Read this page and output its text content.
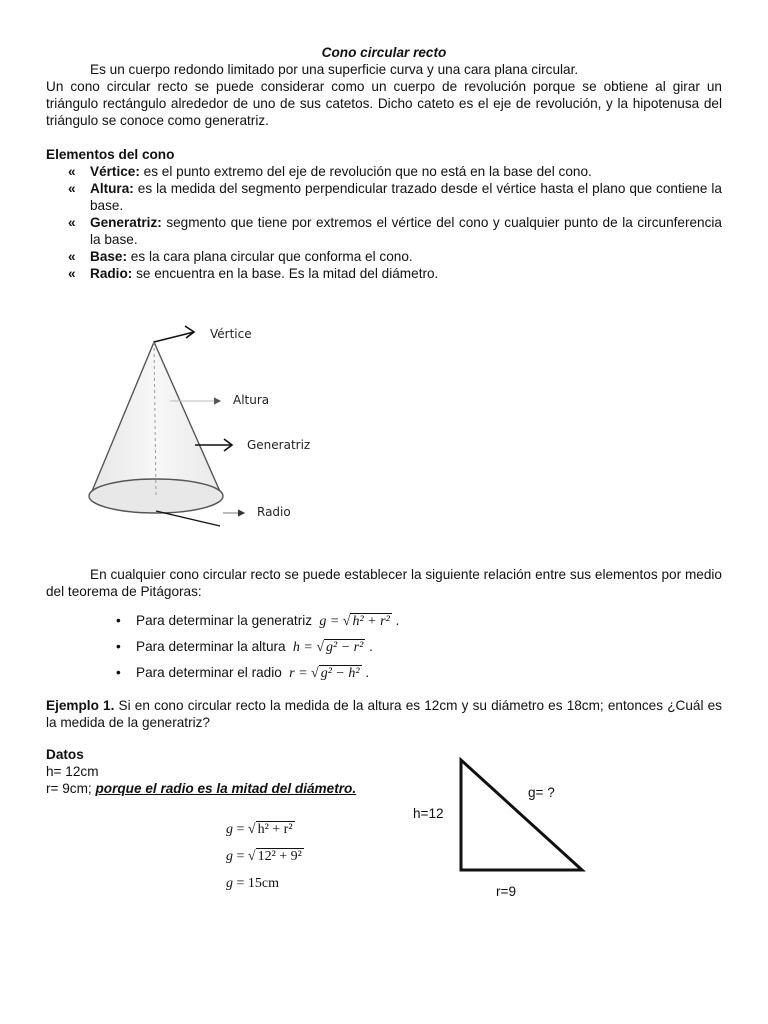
Cono circular recto

Es un cuerpo redondo limitado por una superficie curva y una cara plana circular.

Un cono circular recto se puede considerar como un cuerpo de revolución porque se obtiene al girar un triángulo rectángulo alrededor de uno de sus catetos. Dicho cateto es el eje de revolución, y la hipotenusa del triángulo se conoce como generatriz.

Elementos del cono

« Vértice: es el punto extremo del eje de revolución que no está en la base del cono.
« Altura: es la medida del segmento perpendicular trazado desde el vértice hasta el plano que contiene la base.
« Generatriz: segmento que tiene por extremos el vértice del cono y cualquier punto de la circunferencia la base.
« Base: es la cara plana circular que conforma el cono.
« Radio: se encuentra en la base. Es la mitad del diámetro.
Vértice
Altura
Generatriz
Radio

En cualquier cono circular recto se puede establecer la siguiente relación entre sus elementos por medio del teorema de Pitágoras:

• Para determinar la generatriz g = √ h² + r² .
• Para determinar la altura h = √ g² − r² .
• Para determinar el radio r = √ g² − h² .

Ejemplo 1. Si en cono circular recto la medida de la altura es 12cm y su diámetro es 18cm; entonces ¿Cuál es la medida de la generatriz?

Datos
h= 12cm
r= 9cm; porque el radio es la mitad del diámetro.
g = √ h² + r²
g = √ 12² + 9²
g = 15cm
h=12
g= ?
r=9
